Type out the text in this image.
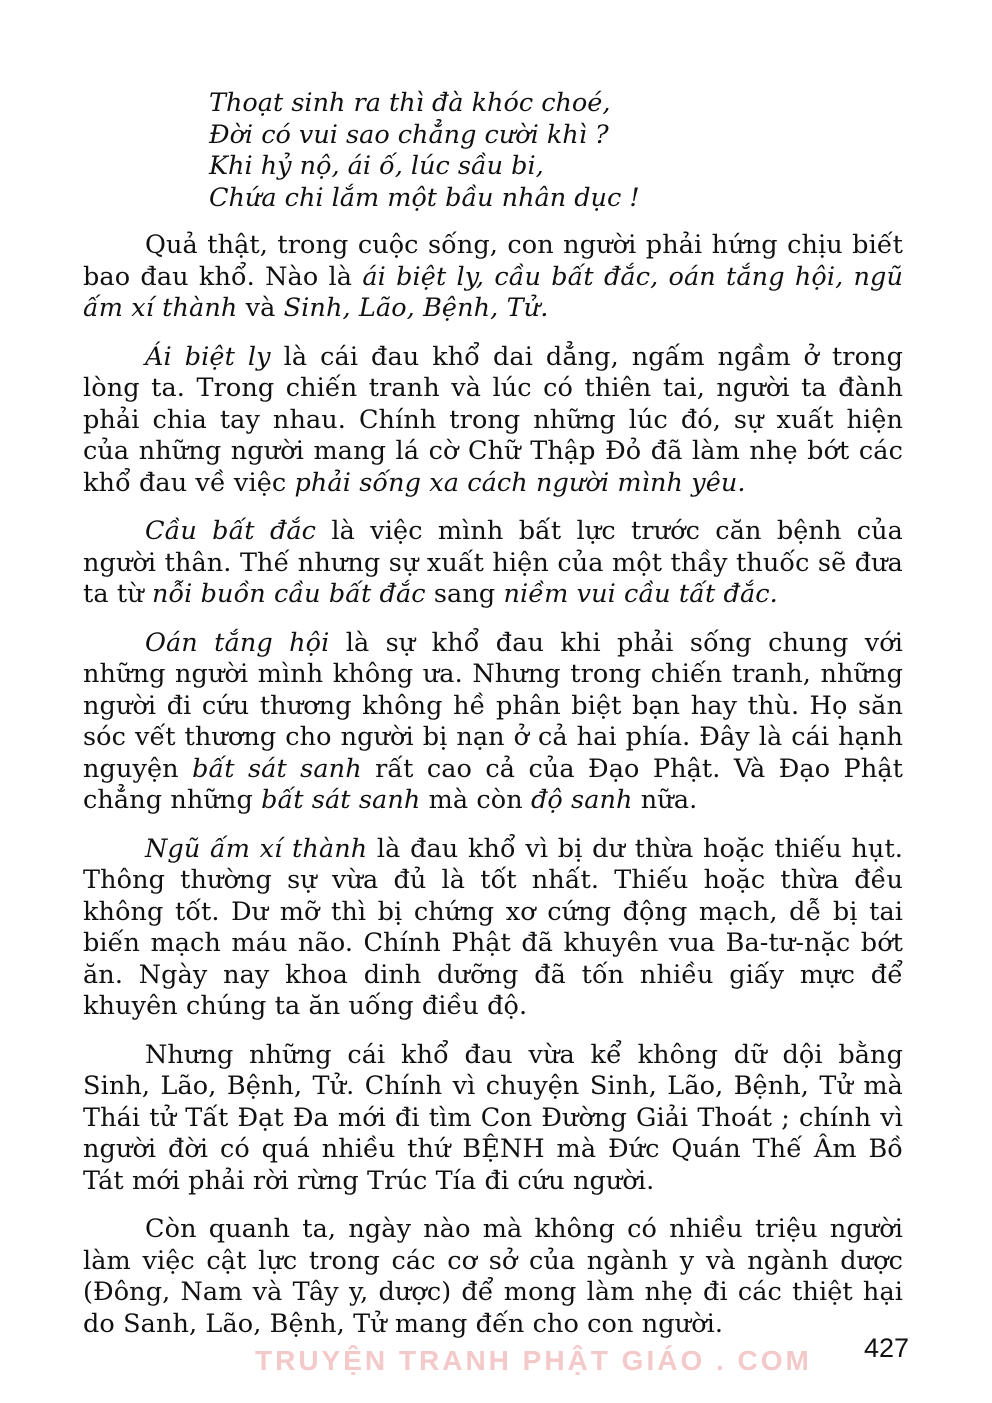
Thoạt sinh ra thì đà khóc choé,
Đời có vui sao chẳng cười khì ?
Khi hỷ nộ, ái ố, lúc sầu bi,
Chứa chi lắm một bầu nhân dục !

Quả thật, trong cuộc sống, con người phải hứng chịu biết bao đau khổ. Nào là ái biệt ly, cầu bất đắc, oán tắng hội, ngũ ấm xí thành và Sinh, Lão, Bệnh, Tử.

Ái biệt ly là cái đau khổ dai dẳng, ngấm ngầm ở trong lòng ta. Trong chiến tranh và lúc có thiên tai, người ta đành phải chia tay nhau. Chính trong những lúc đó, sự xuất hiện của những người mang lá cờ Chữ Thập Đỏ đã làm nhẹ bớt các khổ đau về việc phải sống xa cách người mình yêu.

Cầu bất đắc là việc mình bất lực trước căn bệnh của người thân. Thế nhưng sự xuất hiện của một thầy thuốc sẽ đưa ta từ nỗi buồn cầu bất đắc sang niềm vui cầu tất đắc.

Oán tắng hội là sự khổ đau khi phải sống chung với những người mình không ưa. Nhưng trong chiến tranh, những người đi cứu thương không hề phân biệt bạn hay thù. Họ săn sóc vết thương cho người bị nạn ở cả hai phía. Đây là cái hạnh nguyện bất sát sanh rất cao cả của Đạo Phật. Và Đạo Phật chẳng những bất sát sanh mà còn độ sanh nữa.

Ngũ ấm xí thành là đau khổ vì bị dư thừa hoặc thiếu hụt. Thông thường sự vừa đủ là tốt nhất. Thiếu hoặc thừa đều không tốt. Dư mỡ thì bị chứng xơ cứng động mạch, dễ bị tai biến mạch máu não. Chính Phật đã khuyên vua Ba-tư-nặc bớt ăn. Ngày nay khoa dinh dưỡng đã tốn nhiều giấy mực để khuyên chúng ta ăn uống điều độ.

Nhưng những cái khổ đau vừa kể không dữ dội bằng Sinh, Lão, Bệnh, Tử. Chính vì chuyện Sinh, Lão, Bệnh, Tử mà Thái tử Tất Đạt Đa mới đi tìm Con Đường Giải Thoát ; chính vì người đời có quá nhiều thứ BỆNH mà Đức Quán Thế Âm Bồ Tát mới phải rời rừng Trúc Tía đi cứu người.

Còn quanh ta, ngày nào mà không có nhiều triệu người làm việc cật lực trong các cơ sở của ngành y và ngành dược (Đông, Nam và Tây y, dược) để mong làm nhẹ đi các thiệt hại do Sanh, Lão, Bệnh, Tử mang đến cho con người.

427
TRUYỆN TRANH PHẬT GIÁO . COM
